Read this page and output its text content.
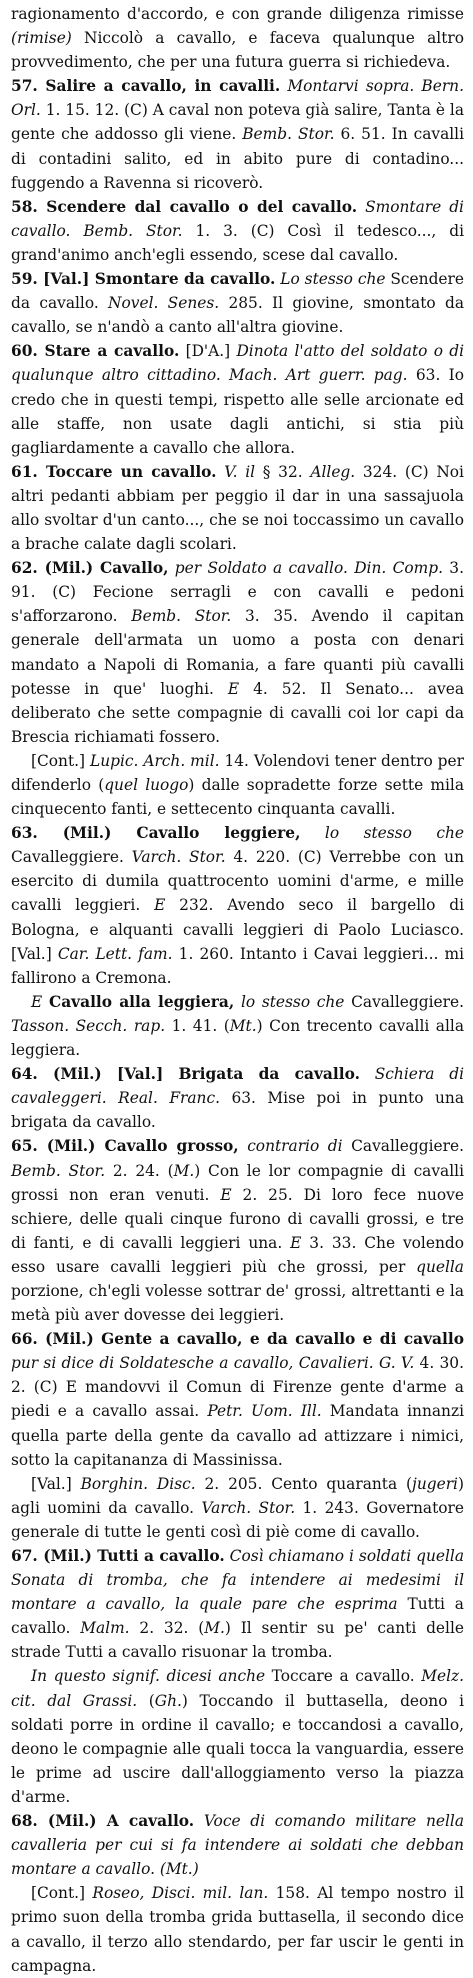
ragionamento d'accordo, e con grande diligenza rimisse (rimise) Niccolò a cavallo, e faceva qualunque altro provvedimento, che per una futura guerra si richiedeva.

57. Salire a cavallo, in cavalli. Montarvi sopra. Bern. Orl. 1. 15. 12. (C) A caval non poteva già salire, Tanta è la gente che addosso gli viene. Bemb. Stor. 6. 51. In cavalli di contadini salito, ed in abito pure di contadino... fuggendo a Ravenna si ricoverò.

58. Scendere dal cavallo o del cavallo. Smontare di cavallo. Bemb. Stor. 1. 3. (C) Così il tedesco..., di grand'animo anch'egli essendo, scese dal cavallo.

59. [Val.] Smontare da cavallo. Lo stesso che Scendere da cavallo. Novel. Senes. 285. Il giovine, smontato da cavallo, se n'andò a canto all'altra giovine.

60. Stare a cavallo. [D'A.] Dinota l'atto del soldato o di qualunque altro cittadino. Mach. Art guerr. pag. 63. Io credo che in questi tempi, rispetto alle selle arcionate ed alle staffe, non usate dagli antichi, si stia più gagliardamente a cavallo che allora.

61. Toccare un cavallo. V. il § 32. Alleg. 324. (C) Noi altri pedanti abbiam per peggio il dar in una sassajuola allo svoltar d'un canto..., che se noi toccassimo un cavallo a brache calate dagli scolari.

62. (Mil.) Cavallo, per Soldato a cavallo. Din. Comp. 3. 91. (C) Fecione serragli e con cavalli e pedoni s'afforzarono. Bemb. Stor. 3. 35. Avendo il capitan generale dell'armata un uomo a posta con denari mandato a Napoli di Romania, a fare quanti più cavalli potesse in que' luoghi. E 4. 52. Il Senato... avea deliberato che sette compagnie di cavalli coi lor capi da Brescia richiamati fossero.

[Cont.] Lupic. Arch. mil. 14. Volendovi tener dentro per difenderlo (quel luogo) dalle sopradette forze sette mila cinquecento fanti, e settecento cinquanta cavalli.

63. (Mil.) Cavallo leggiere, lo stesso che Cavalleggiere. Varch. Stor. 4. 220. (C) Verrebbe con un esercito di dumila quattrocento uomini d'arme, e mille cavalli leggieri. E 232. Avendo seco il bargello di Bologna, e alquanti cavalli leggieri di Paolo Luciasco. [Val.] Car. Lett. fam. 1. 260. Intanto i Cavai leggieri... mi fallirono a Cremona.

E Cavallo alla leggiera, lo stesso che Cavalleggiere. Tasson. Secch. rap. 1. 41. (Mt.) Con trecento cavalli alla leggiera.

64. (Mil.) [Val.] Brigata da cavallo. Schiera di cavaleggeri. Real. Franc. 63. Mise poi in punto una brigata da cavallo.

65. (Mil.) Cavallo grosso, contrario di Cavalleggiere. Bemb. Stor. 2. 24. (M.) Con le lor compagnie di cavalli grossi non eran venuti. E 2. 25. Di loro fece nuove schiere, delle quali cinque furono di cavalli grossi, e tre di fanti, e di cavalli leggieri una. E 3. 33. Che volendo esso usare cavalli leggieri più che grossi, per quella porzione, ch'egli volesse sottrar de' grossi, altrettanti e la metà più aver dovesse dei leggieri.

66. (Mil.) Gente a cavallo, e da cavallo e di cavallo pur si dice di Soldatesche a cavallo, Cavalieri. G. V. 4. 30. 2. (C) E mandovvi il Comun di Firenze gente d'arme a piedi e a cavallo assai. Petr. Uom. Ill. Mandata innanzi quella parte della gente da cavallo ad attizzare i nimici, sotto la capitananza di Massinissa.

[Val.] Borghin. Disc. 2. 205. Cento quaranta (jugeri) agli uomini da cavallo. Varch. Stor. 1. 243. Governatore generale di tutte le genti così di piè come di cavallo.

67. (Mil.) Tutti a cavallo. Così chiamano i soldati quella Sonata di tromba, che fa intendere ai medesimi il montare a cavallo, la quale pare che esprima Tutti a cavallo. Malm. 2. 32. (M.) Il sentir su pe' canti delle strade Tutti a cavallo risuonar la tromba.

In questo signif. dicesi anche Toccare a cavallo. Melz. cit. dal Grassi. (Gh.) Toccando il buttasella, deono i soldati porre in ordine il cavallo; e toccandosi a cavallo, deono le compagnie alle quali tocca la vanguardia, essere le prime ad uscire dall'alloggiamento verso la piazza d'arme.

68. (Mil.) A cavallo. Voce di comando militare nella cavalleria per cui si fa intendere ai soldati che debban montare a cavallo. (Mt.)

[Cont.] Roseo, Disci. mil. lan. 158. Al tempo nostro il primo suon della tromba grida buttasella, il secondo dice a cavallo, il terzo allo stendardo, per far uscir le genti in campagna.
